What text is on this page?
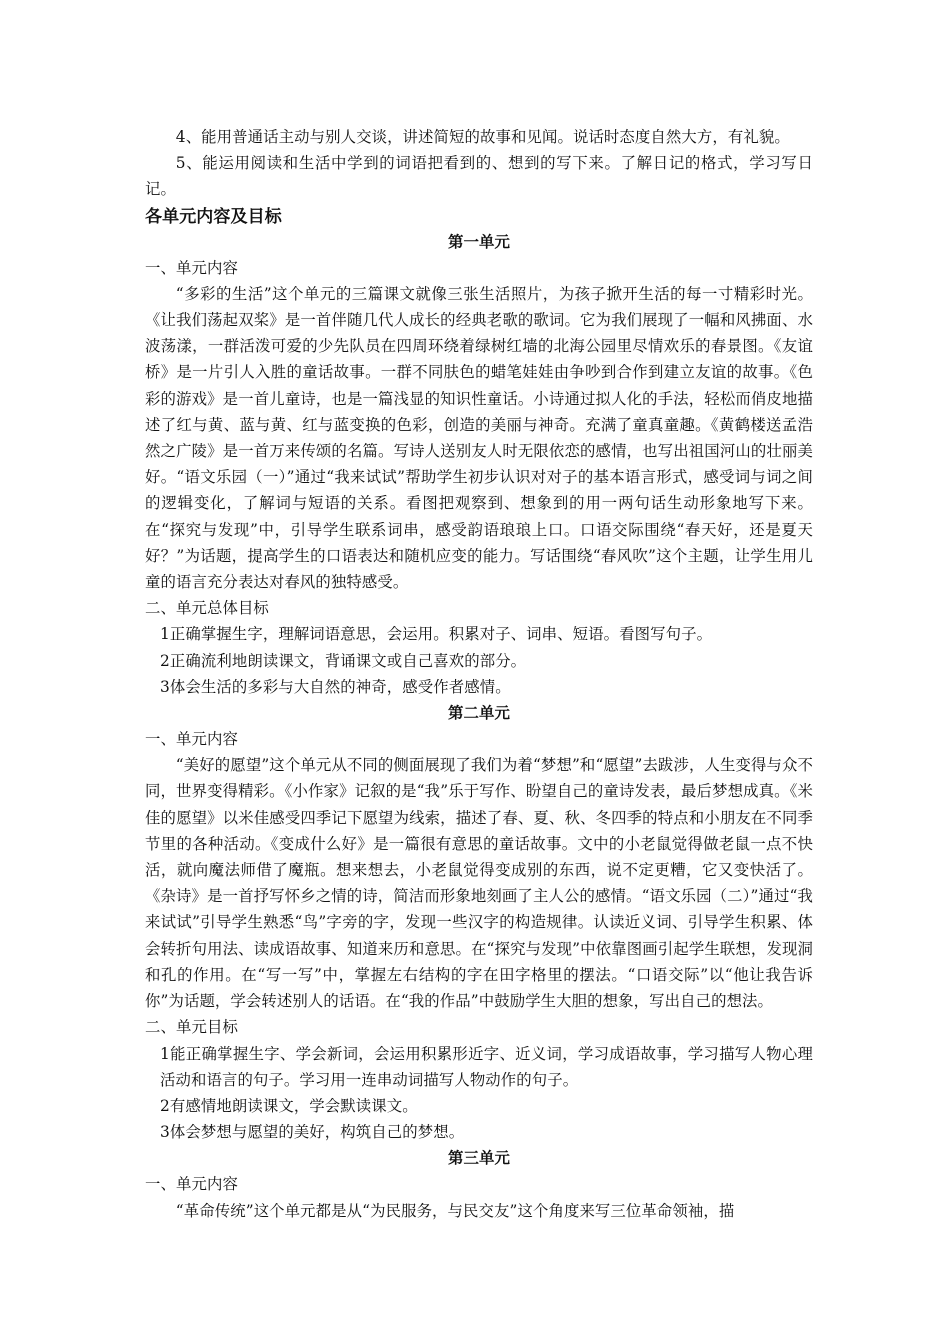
4、能用普通话主动与别人交谈，讲述简短的故事和见闻。说话时态度自然大方，有礼貌。

5、能运用阅读和生活中学到的词语把看到的、想到的写下来。了解日记的格式，学习写日记。

各单元内容及目标

第一单元

一、单元内容

“多彩的生活”这个单元的三篇课文就像三张生活照片，为孩子掀开生活的每一寸精彩时光。《让我们荡起双桨》是一首伴随几代人成长的经典老歌的歌词。它为我们展现了一幅和风拂面、水波荡漾，一群活泼可爱的少先队员在四周环绕着绿树红墙的北海公园里尽情欢乐的春景图。《友谊桥》是一片引人入胜的童话故事。一群不同肤色的蜡笔娃娃由争吵到合作到建立友谊的故事。《色彩的游戏》是一首儿童诗，也是一篇浅显的知识性童话。小诗通过拟人化的手法，轻松而俏皮地描述了红与黄、蓝与黄、红与蓝变换的色彩，创造的美丽与神奇。充满了童真童趣。《黄鹤楼送孟浩然之广陵》是一首万来传颂的名篇。写诗人送别友人时无限依恋的感情，也写出祖国河山的壮丽美好。“语文乐园（一）”通过“我来试试”帮助学生初步认识对对子的基本语言形式，感受词与词之间的逻辑变化，了解词与短语的关系。看图把观察到、想象到的用一两句话生动形象地写下来。在“探究与发现”中，引导学生联系词串，感受韵语琅琅上口。口语交际围绕“春天好，还是夏天好？”为话题，提高学生的口语表达和随机应变的能力。写话围绕“春风吹”这个主题，让学生用儿童的语言充分表达对春风的独特感受。

二、单元总体目标

1正确掌握生字，理解词语意思，会运用。积累对子、词串、短语。看图写句子。

2正确流利地朗读课文，背诵课文或自己喜欢的部分。

3体会生活的多彩与大自然的神奇，感受作者感情。

第二单元

一、单元内容

“美好的愿望”这个单元从不同的侧面展现了我们为着“梦想”和“愿望”去跋涉，人生变得与众不同，世界变得精彩。《小作家》记叙的是“我”乐于写作、盼望自己的童诗发表，最后梦想成真。《米佳的愿望》以米佳感受四季记下愿望为线索，描述了春、夏、秋、冬四季的特点和小朋友在不同季节里的各种活动。《变成什么好》是一篇很有意思的童话故事。文中的小老鼠觉得做老鼠一点不快活，就向魔法师借了魔瓶。想来想去，小老鼠觉得变成别的东西，说不定更糟，它又变快活了。《杂诗》是一首抒写怀乡之情的诗，简洁而形象地刻画了主人公的感情。“语文乐园（二）”通过“我来试试”引导学生熟悉“鸟”字旁的字，发现一些汉字的构造规律。认读近义词、引导学生积累、体会转折句用法、读成语故事、知道来历和意思。在“探究与发现”中依靠图画引起学生联想，发现洞和孔的作用。在“写一写”中，掌握左右结构的字在田字格里的摆法。“口语交际”以“他让我告诉你”为话题，学会转述别人的话语。在“我的作品”中鼓励学生大胆的想象，写出自己的想法。

二、单元目标

1能正确掌握生字、学会新词，会运用积累形近字、近义词，学习成语故事，学习描写人物心理活动和语言的句子。学习用一连串动词描写人物动作的句子。

2有感情地朗读课文，学会默读课文。

3体会梦想与愿望的美好，构筑自己的梦想。

第三单元

一、单元内容

“革命传统”这个单元都是从“为民服务，与民交友”这个角度来写三位革命领袖，描
